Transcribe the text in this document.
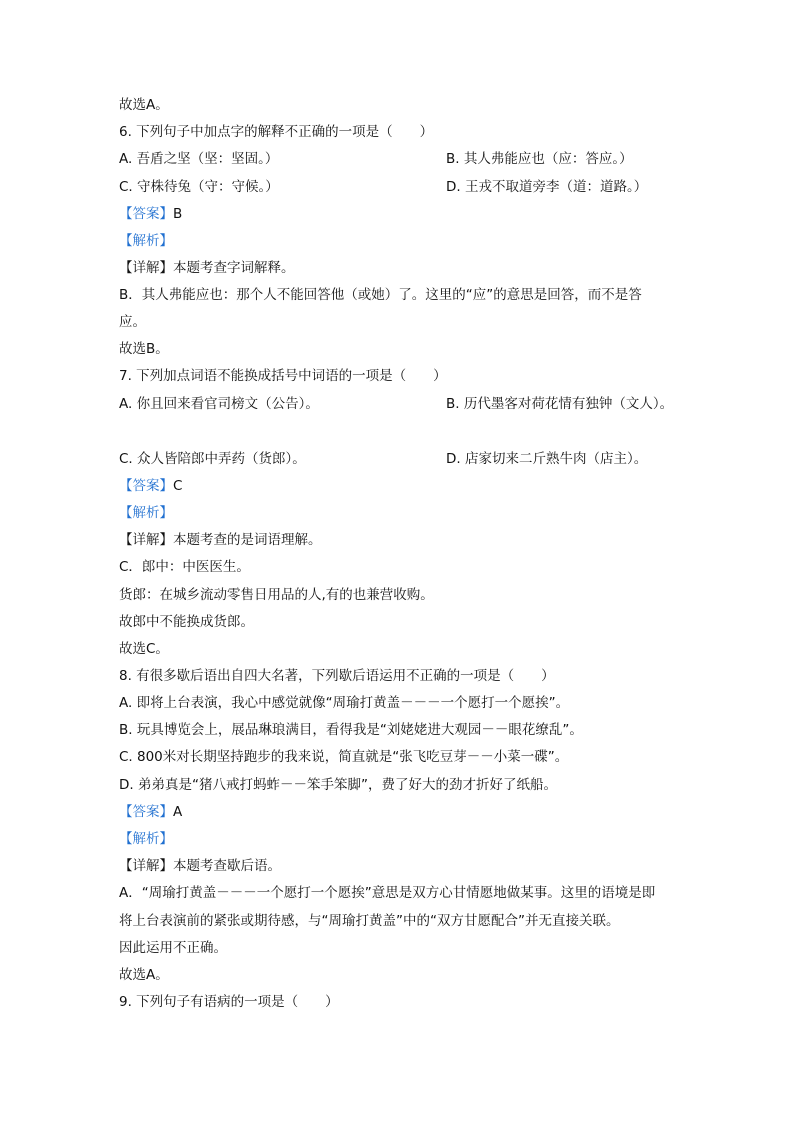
故选A。
6. 下列句子中加点字的解释不正确的一项是（　　）
A. 吾盾之坚（坚：坚固。）	B. 其人弗能应也（应：答应。）
C. 守株待兔（守：守候。）	D. 王戎不取道旁李（道：道路。）
【答案】B
【解析】
【详解】本题考查字词解释。
B．其人弗能应也：那个人不能回答他（或她）了。这里的“应”的意思是回答，而不是答
应。
故选B。
7. 下列加点词语不能换成括号中词语的一项是（　　）
A. 你且回来看官司榜文（公告）。	B. 历代墨客对荷花情有独钟（文人）。
C. 众人皆陪郎中弄药（货郎）。	D. 店家切来二斤熟牛肉（店主）。
【答案】C
【解析】
【详解】本题考查的是词语理解。
C．郎中：中医医生。
货郎：在城乡流动零售日用品的人,有的也兼营收购。
故郎中不能换成货郎。
故选C。
8. 有很多歇后语出自四大名著，下列歇后语运用不正确的一项是（　　）
A. 即将上台表演，我心中感觉就像“周瑜打黄盖－－－一个愿打一个愿挨”。
B. 玩具博览会上，展品琳琅满目，看得我是“刘姥姥进大观园－－眼花缭乱”。
C. 800米对长期坚持跑步的我来说，简直就是“张飞吃豆芽－－小菜一碟”。
D. 弟弟真是“猪八戒打蚂蚱－－笨手笨脚”，费了好大的劲才折好了纸船。
【答案】A
【解析】
【详解】本题考查歇后语。
A．“周瑜打黄盖－－－一个愿打一个愿挨”意思是双方心甘情愿地做某事。这里的语境是即
将上台表演前的紧张或期待感，与“周瑜打黄盖”中的“双方甘愿配合”并无直接关联。
因此运用不正确。
故选A。
9. 下列句子有语病的一项是（　　）
